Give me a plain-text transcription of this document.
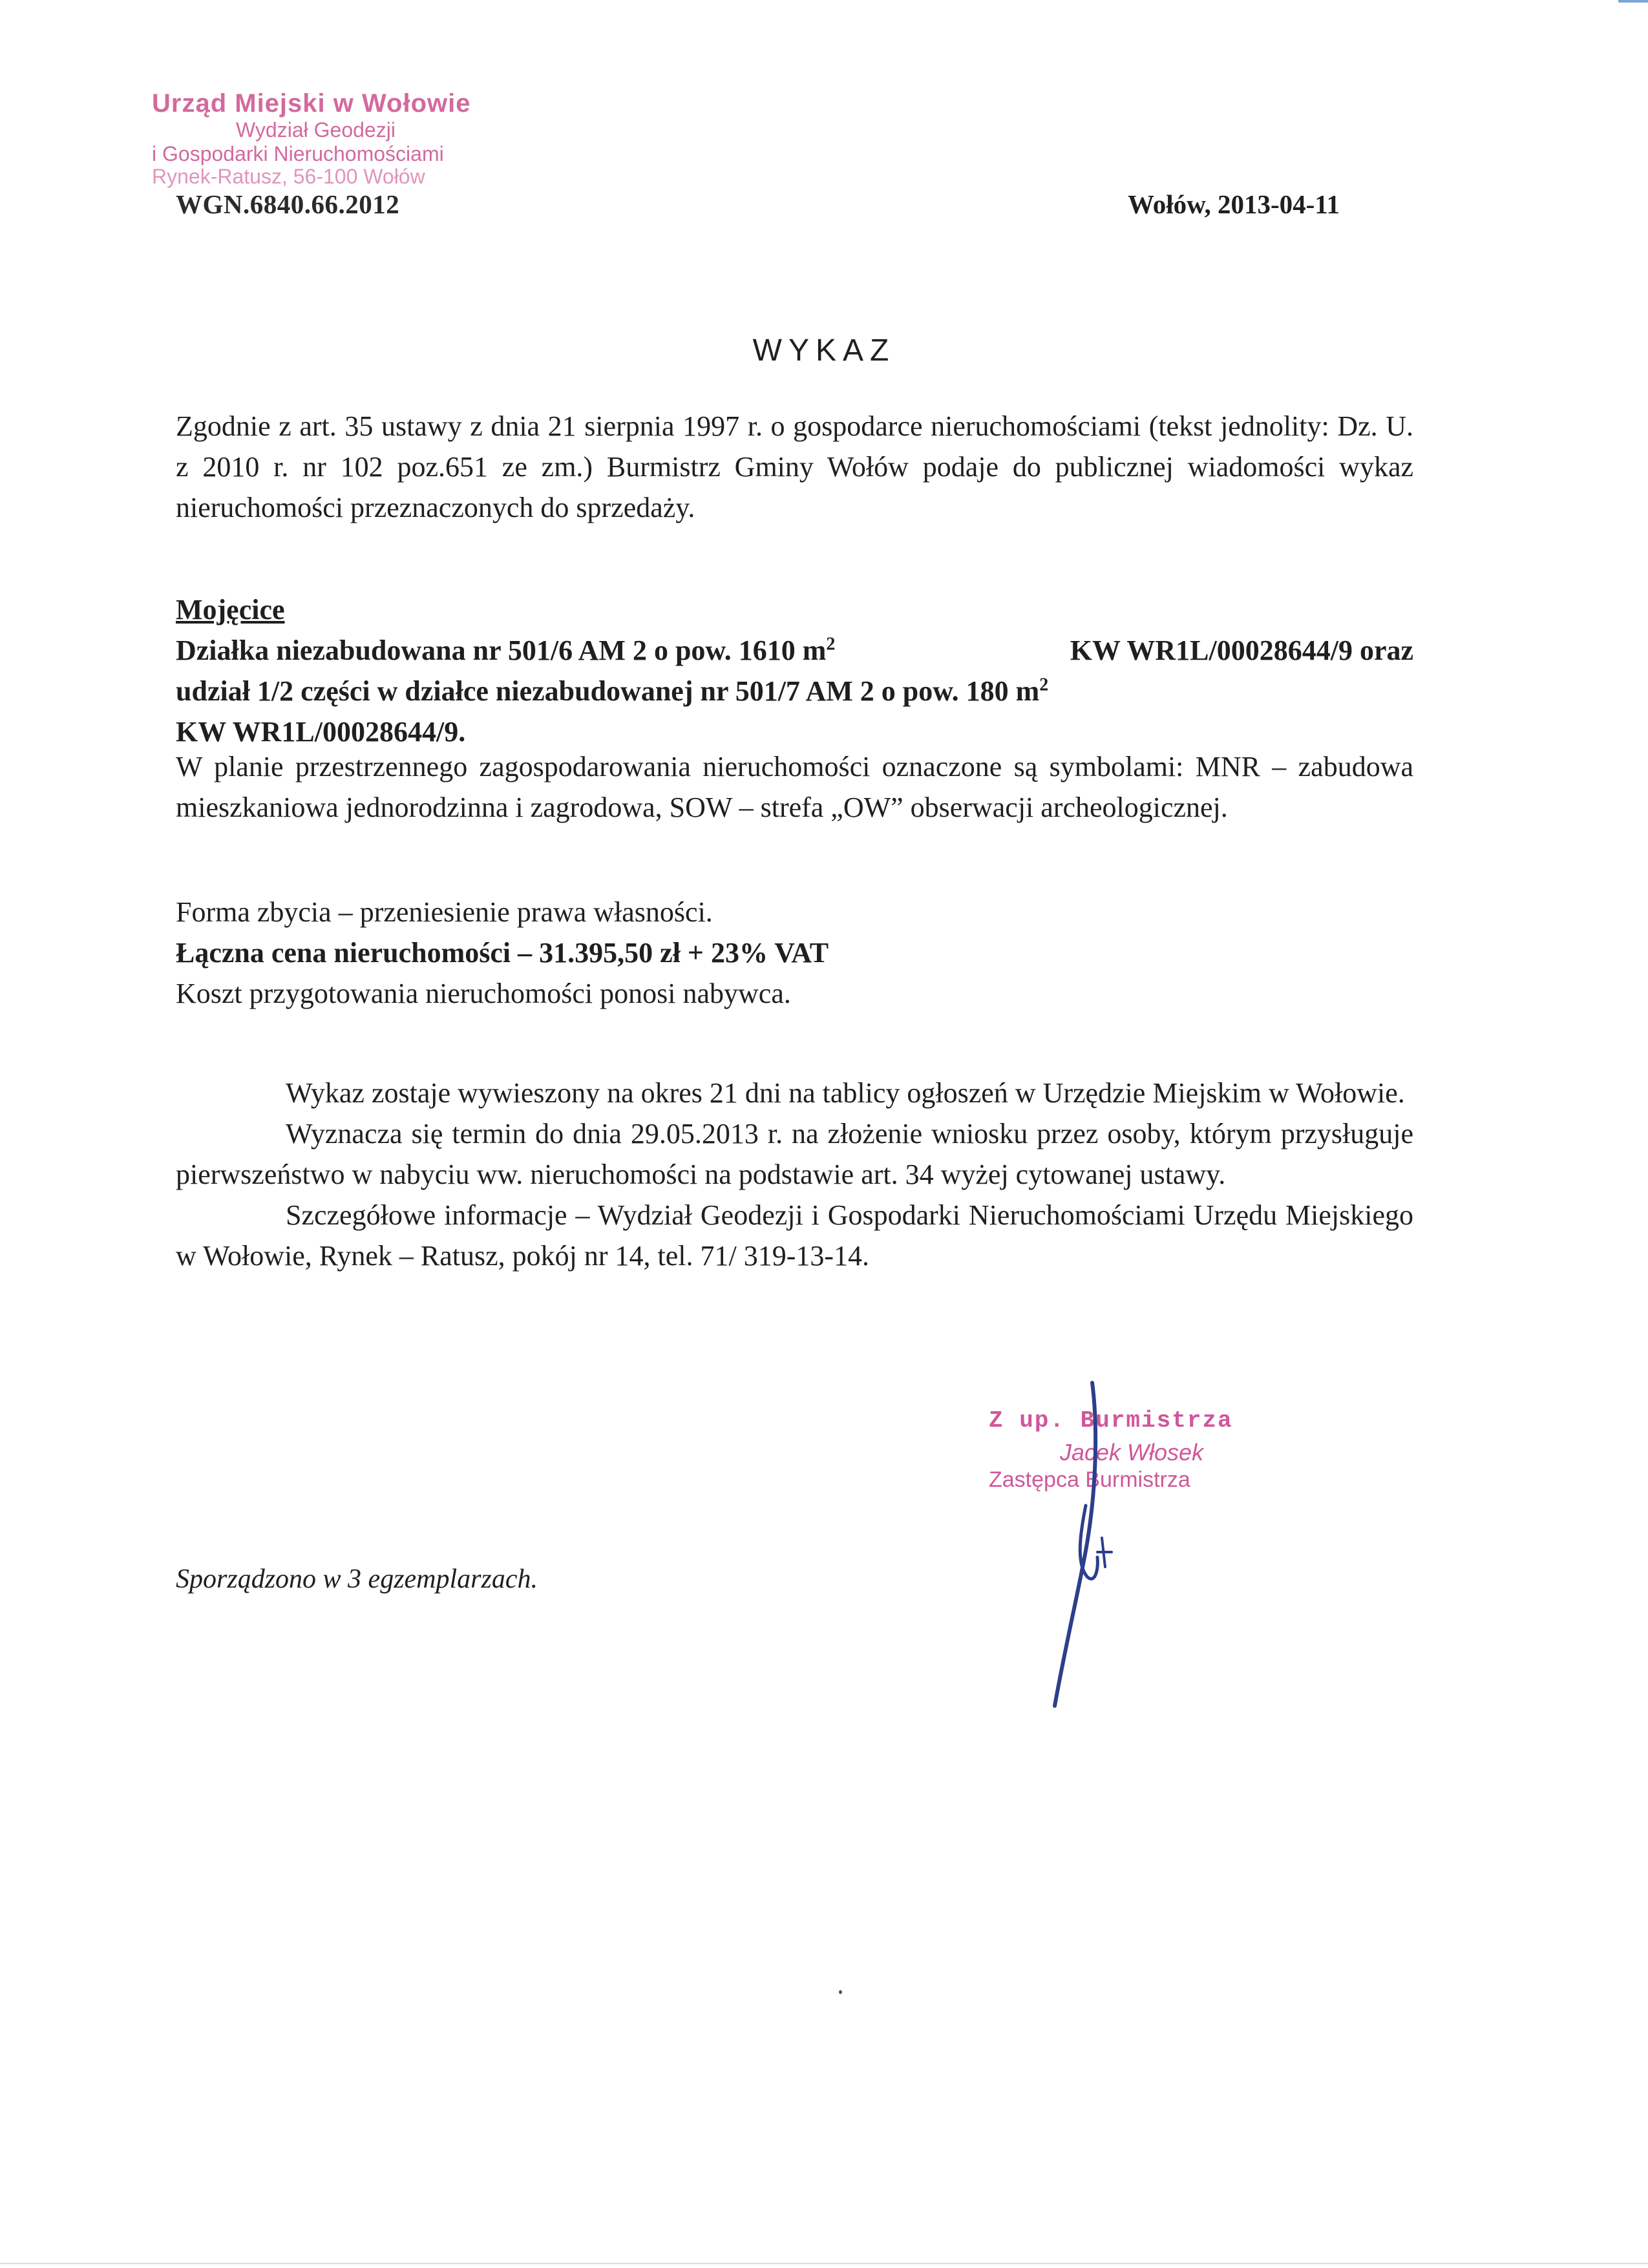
Urząd Miejski w Wołowie
Wydział Geodezji
i Gospodarki Nieruchomościami
Rynek-Ratusz, 56-100 Wołów
WGN.6840.66.2012	Wołów, 2013-04-11
WYKAZ
Zgodnie z art. 35 ustawy z dnia 21 sierpnia 1997 r. o gospodarce nieruchomościami (tekst jednolity: Dz. U. z 2010 r. nr 102 poz.651 ze zm.) Burmistrz Gminy Wołów podaje do publicznej wiadomości wykaz nieruchomości przeznaczonych do sprzedaży.
Mojęcice
Działka niezabudowana nr 501/6 AM 2 o pow. 1610 $m^2$	KW WR1L/00028644/9 oraz
udział 1/2 części w działce niezabudowanej nr 501/7 AM 2 o pow. 180 $m^2$
KW WR1L/00028644/9.
W planie przestrzennego zagospodarowania nieruchomości oznaczone są symbolami: MNR – zabudowa mieszkaniowa jednorodzinna i zagrodowa, SOW – strefa „OW” obserwacji archeologicznej.
Forma zbycia – przeniesienie prawa własności.
Łączna cena nieruchomości – 31.395,50 zł + 23% VAT
Koszt przygotowania nieruchomości ponosi nabywca.
Wykaz zostaje wywieszony na okres 21 dni na tablicy ogłoszeń w Urzędzie Miejskim w Wołowie.
Wyznacza się termin do dnia 29.05.2013 r. na złożenie wniosku przez osoby, którym przysługuje pierwszeństwo w nabyciu ww. nieruchomości na podstawie art. 34 wyżej cytowanej ustawy.
Szczegółowe informacje – Wydział Geodezji i Gospodarki Nieruchomościami Urzędu Miejskiego w Wołowie, Rynek – Ratusz, pokój nr 14, tel. 71/ 319-13-14.
Z up. Burmistrza
Jacek Włosek
Zastępca Burmistrza
Sporządzono w 3 egzemplarzach.
